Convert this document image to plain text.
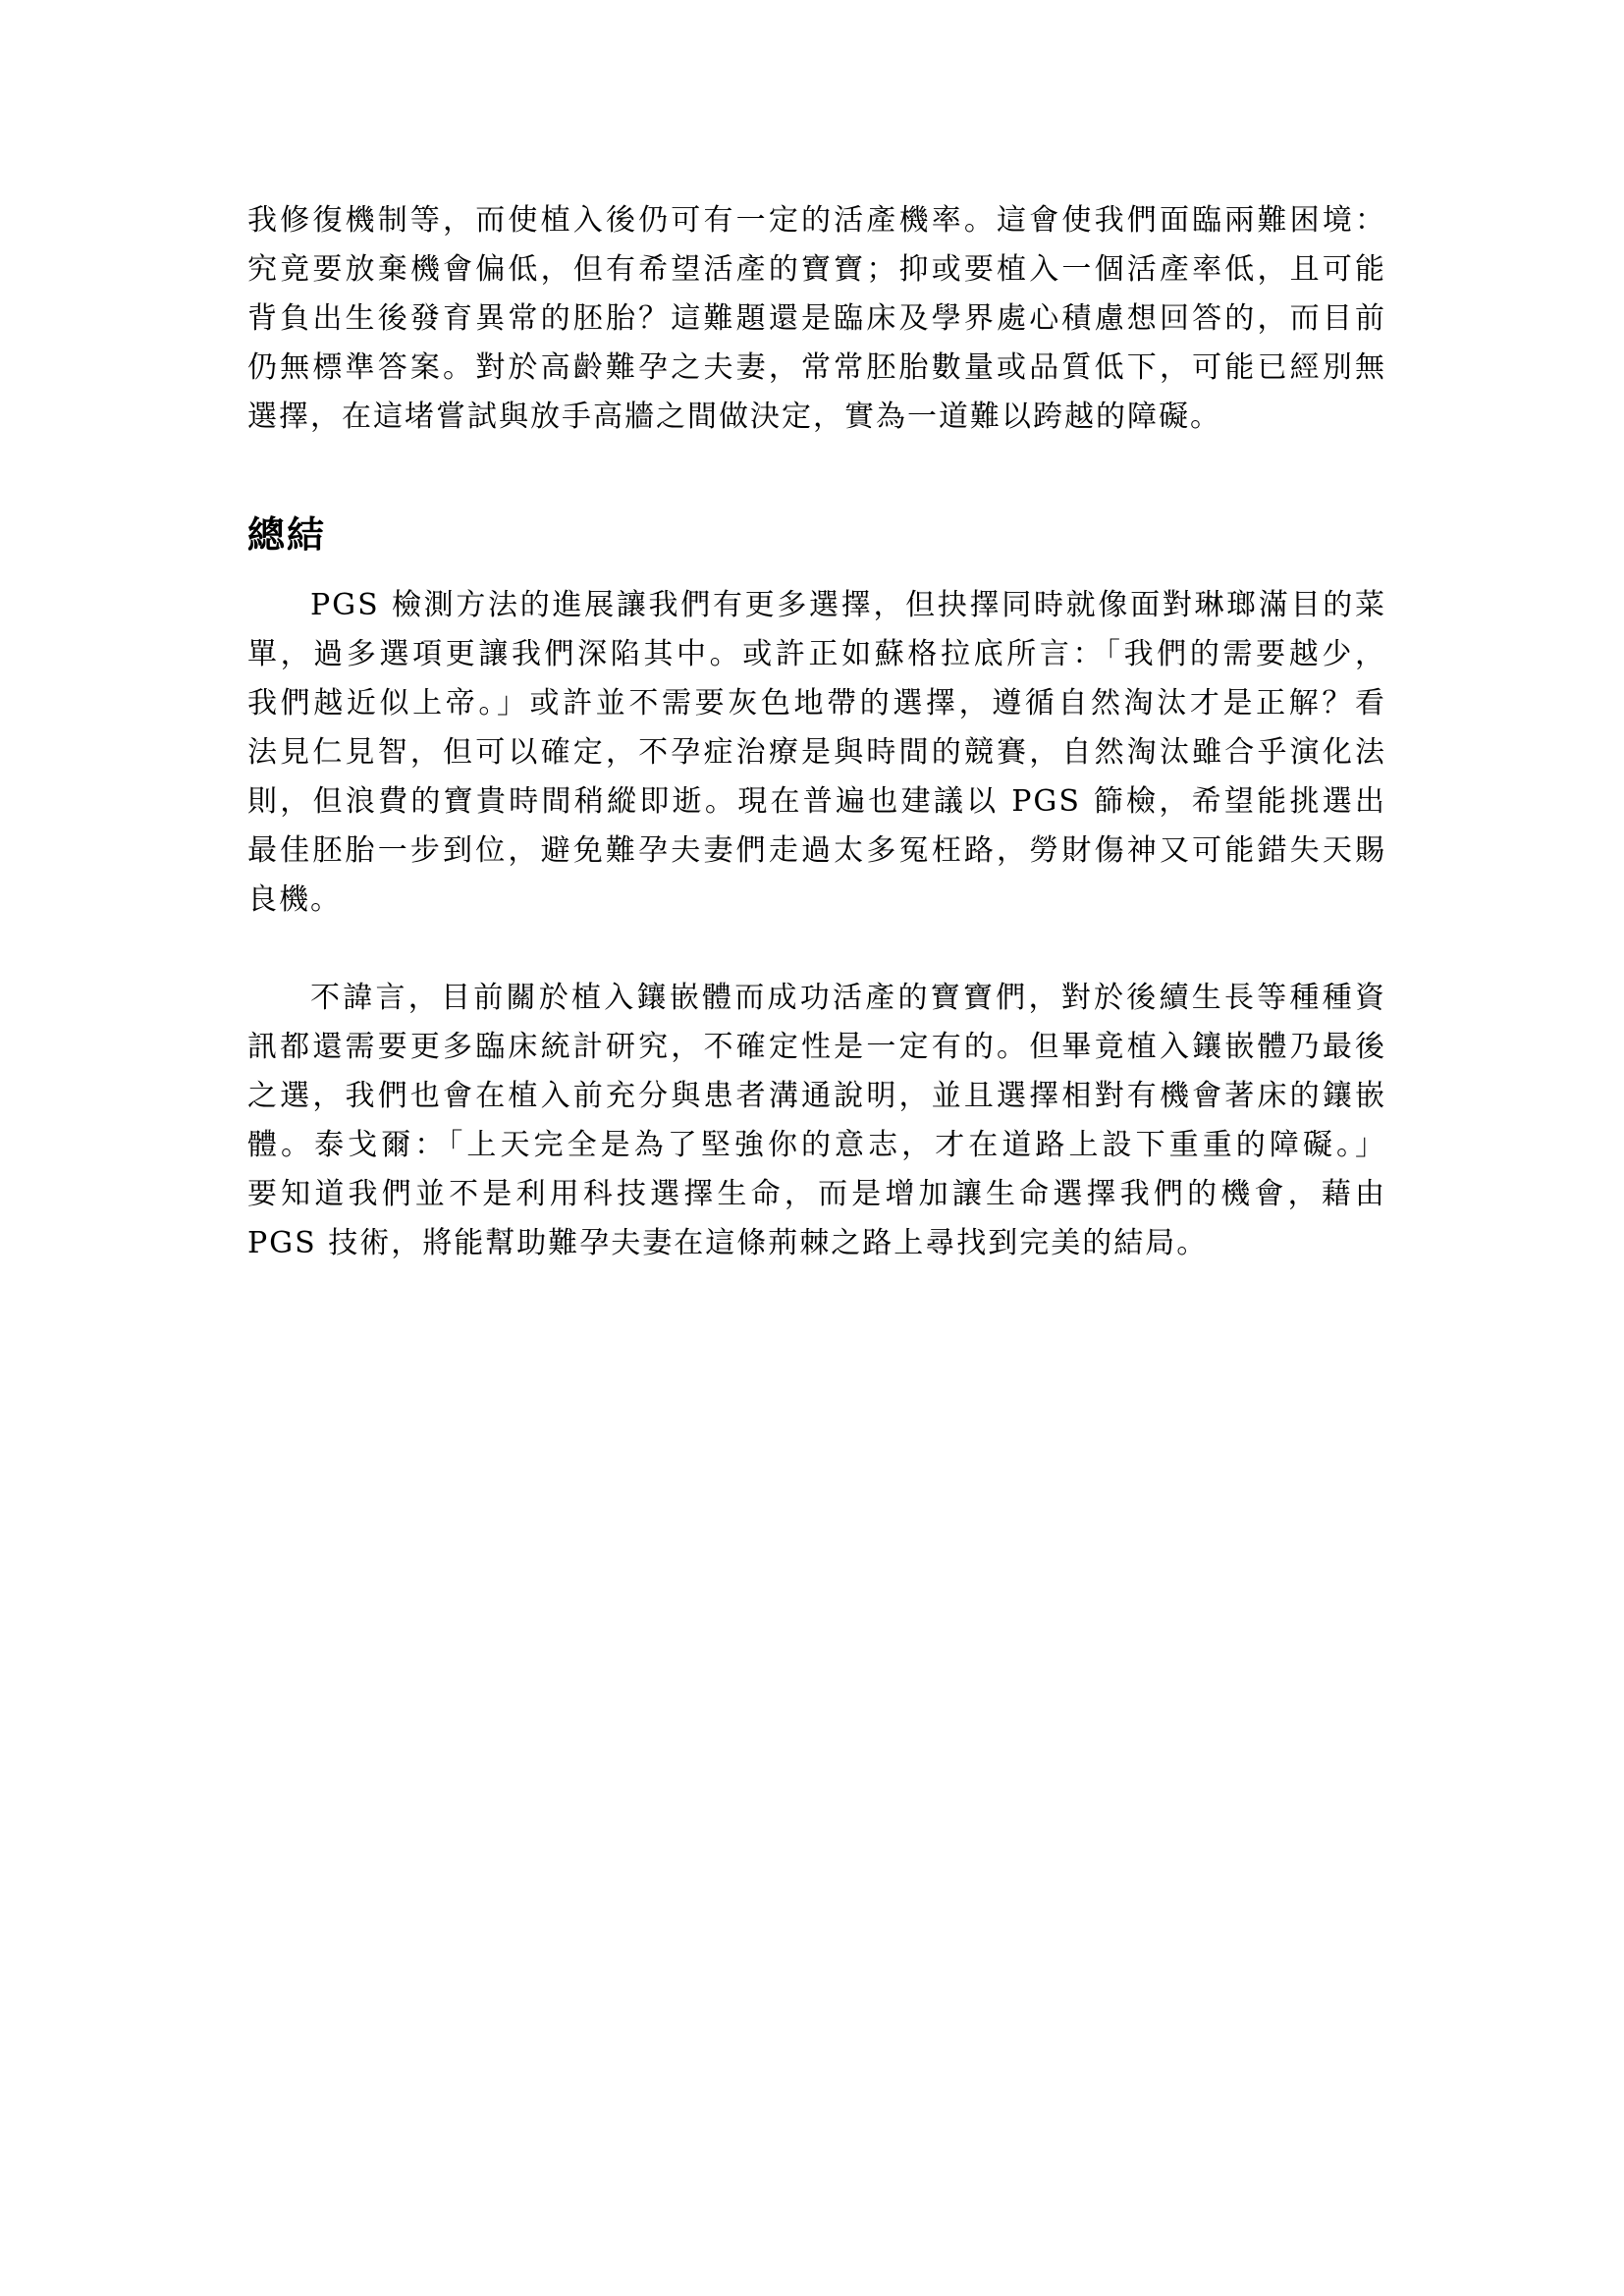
我修復機制等，而使植入後仍可有一定的活產機率。這會使我們面臨兩難困境：
究竟要放棄機會偏低，但有希望活產的寶寶；抑或要植入一個活產率低，且可能
背負出生後發育異常的胚胎？這難題還是臨床及學界處心積慮想回答的，而目前
仍無標準答案。對於高齡難孕之夫妻，常常胚胎數量或品質低下，可能已經別無
選擇，在這堵嘗試與放手高牆之間做決定，實為一道難以跨越的障礙。

總結

PGS 檢測方法的進展讓我們有更多選擇，但抉擇同時就像面對琳瑯滿目的菜
單，過多選項更讓我們深陷其中。或許正如蘇格拉底所言：「我們的需要越少，
我們越近似上帝。」或許並不需要灰色地帶的選擇，遵循自然淘汰才是正解？看
法見仁見智，但可以確定，不孕症治療是與時間的競賽，自然淘汰雖合乎演化法
則，但浪費的寶貴時間稍縱即逝。現在普遍也建議以 PGS 篩檢，希望能挑選出
最佳胚胎一步到位，避免難孕夫妻們走過太多冤枉路，勞財傷神又可能錯失天賜
良機。

不諱言，目前關於植入鑲嵌體而成功活產的寶寶們，對於後續生長等種種資
訊都還需要更多臨床統計研究，不確定性是一定有的。但畢竟植入鑲嵌體乃最後
之選，我們也會在植入前充分與患者溝通說明，並且選擇相對有機會著床的鑲嵌
體。泰戈爾：「上天完全是為了堅強你的意志，才在道路上設下重重的障礙。」
要知道我們並不是利用科技選擇生命，而是增加讓生命選擇我們的機會，藉由
PGS 技術，將能幫助難孕夫妻在這條荊棘之路上尋找到完美的結局。
